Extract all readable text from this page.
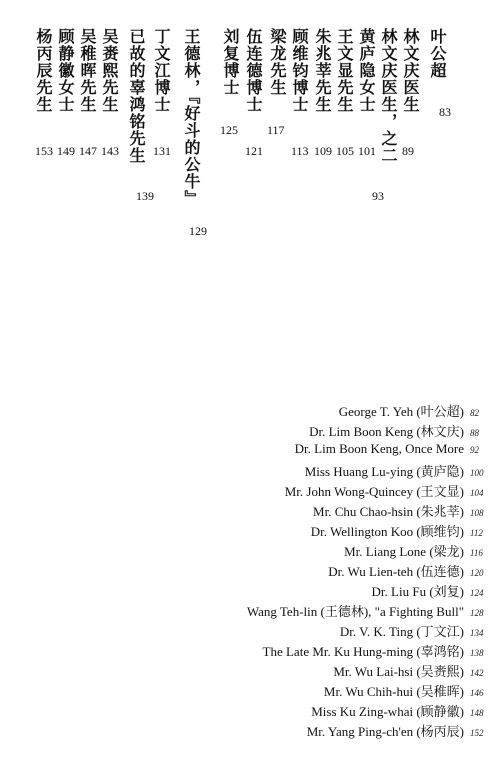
叶公超
83
林文庆医生
89
林文庆医生，之二
93
黄庐隐女士
101
王文显先生
105
朱兆莘先生
109
顾维钧博士
113
梁龙先生
117
伍连德博士
121
刘复博士
125
王德林，『好斗的公牛』
129
丁文江博士
131
已故的辜鸿铭先生
139
吴赉熙先生
143
吴稚晖先生
147
顾静徽女士
149
杨丙辰先生
153
George T. Yeh (叶公超) 82
Dr. Lim Boon Keng (林文庆) 88
Dr. Lim Boon Keng, Once More 92
Miss Huang Lu-ying (黄庐隐) 100
Mr. John Wong-Quincey (王文显) 104
Mr. Chu Chao-hsin (朱兆莘) 108
Dr. Wellington Koo (顾维钧) 112
Mr. Liang Lone (梁龙) 116
Dr. Wu Lien-teh (伍连德) 120
Dr. Liu Fu (刘复) 124
Wang Teh-lin (王德林), "a Fighting Bull" 128
Dr. V. K. Ting (丁文江) 134
The Late Mr. Ku Hung-ming (辜鸿铭) 138
Mr. Wu Lai-hsi (吴赉熙) 142
Mr. Wu Chih-hui (吴稚晖) 146
Miss Ku Zing-whai (顾静徽) 148
Mr. Yang Ping-ch'en (杨丙辰) 152
